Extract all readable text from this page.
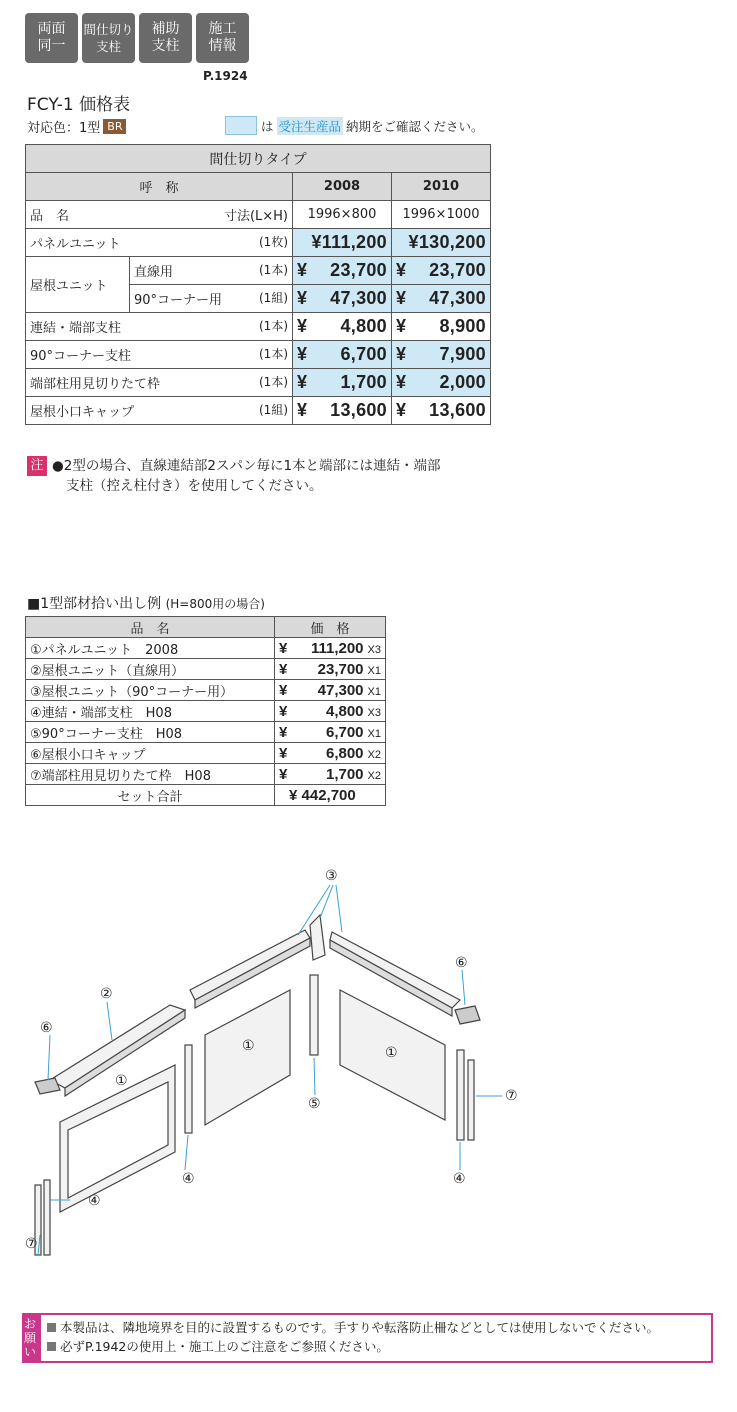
両面
同一
間仕切り
支柱
補助
支柱
施工
情報
P.1924
FCY-1 価格表
対応色：1型 BR	は 受注生産品 納期をご確認ください。
間仕切りタイプ			
呼　称		2008	2010

品　名 寸法(L×H)		1996×800	1996×1000

パネルユニット (1枚)		¥111,200	¥130,200
屋根ユニット	直線用 (1本)	¥ 23,700	¥ 23,700

	90°コーナー用 (1組)	¥ 47,300	¥ 47,300

連結・端部支柱 (1本)		¥ 4,800	¥ 8,900

90°コーナー支柱 (1本)		¥ 6,700	¥ 7,900

端部柱用見切りたて枠 (1本)		¥ 1,700	¥ 2,000

屋根小口キャップ (1組)		¥ 13,600	¥ 13,600
注 ●2型の場合、直線連結部2スパン毎に1本と端部には連結・端部
支柱（控え柱付き）を使用してください。
■1型部材拾い出し例 (H=800用の場合)
品　名	価　格
①パネルユニット　2008	¥ 111,200 X3

②屋根ユニット（直線用）	¥ 23,700 X1

③屋根ユニット（90°コーナー用）	¥ 47,300 X1

④連結・端部支柱　H08	¥ 4,800 X3

⑤90°コーナー支柱　H08	¥ 6,700 X1

⑥屋根小口キャップ	¥ 6,800 X2

⑦端部柱用見切りたて枠　H08	¥ 1,700 X2

セット合計	¥ 442,700
①
①	①
②
③
④
④	④
⑤
⑥
⑥
⑦
⑦
お願い
本製品は、隣地境界を目的に設置するものです。手すりや転落防止柵などとしては使用しないでください。
必ずP.1942の使用上・施工上のご注意をご参照ください。
